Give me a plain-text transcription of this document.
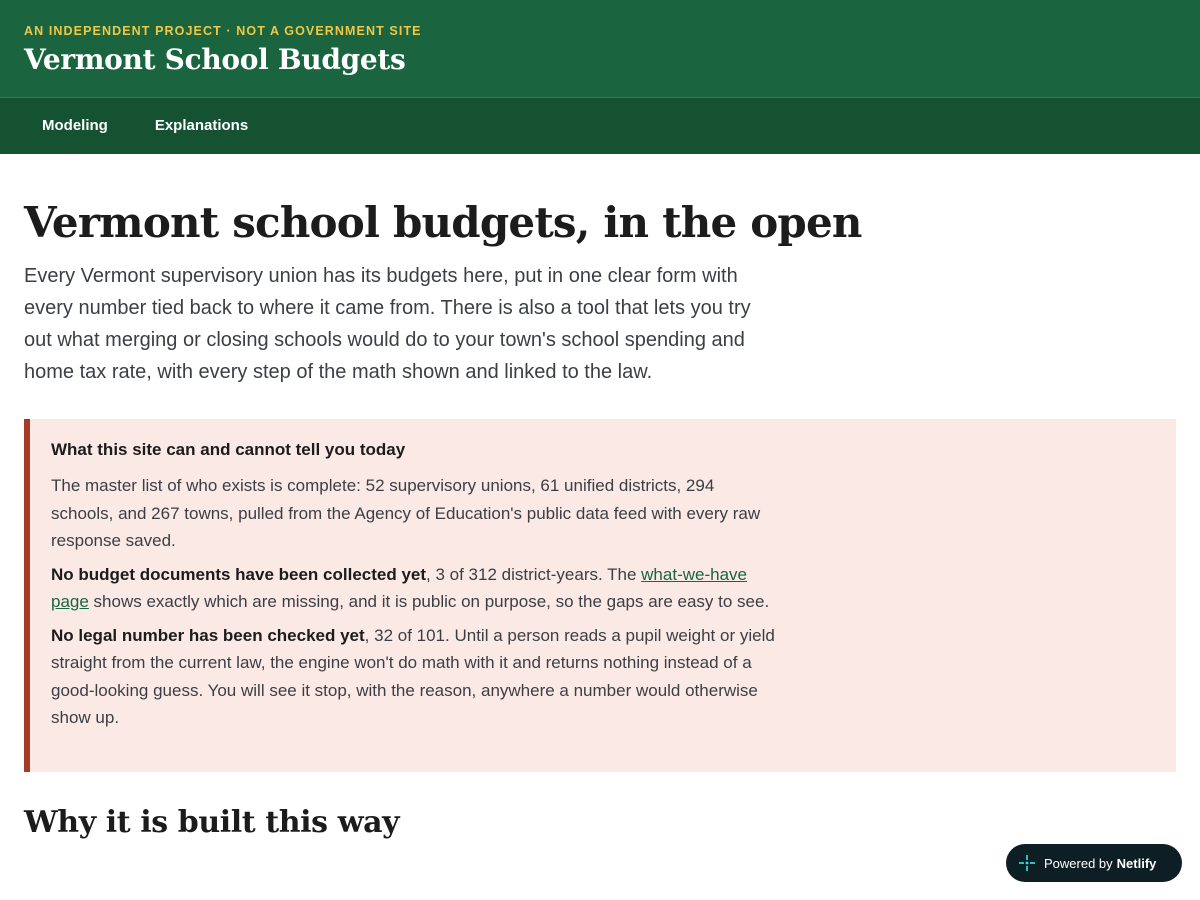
AN INDEPENDENT PROJECT · NOT A GOVERNMENT SITE

Vermont School Budgets
Modeling	Explanations
Vermont school budgets, in the open

Every Vermont supervisory union has its budgets here, put in one clear form with every number tied back to where it came from. There is also a tool that lets you try out what merging or closing schools would do to your town's school spending and home tax rate, with every step of the math shown and linked to the law.

What this site can and cannot tell you today

The master list of who exists is complete: 52 supervisory unions, 61 unified districts, 294 schools, and 267 towns, pulled from the Agency of Education's public data feed with every raw response saved.

No budget documents have been collected yet, 3 of 312 district-years. The what-we-have page shows exactly which are missing, and it is public on purpose, so the gaps are easy to see.

No legal number has been checked yet, 32 of 101. Until a person reads a pupil weight or yield straight from the current law, the engine won't do math with it and returns nothing instead of a good-looking guess. You will see it stop, with the reason, anywhere a number would otherwise show up.

Why it is built this way
Powered by Netlify
